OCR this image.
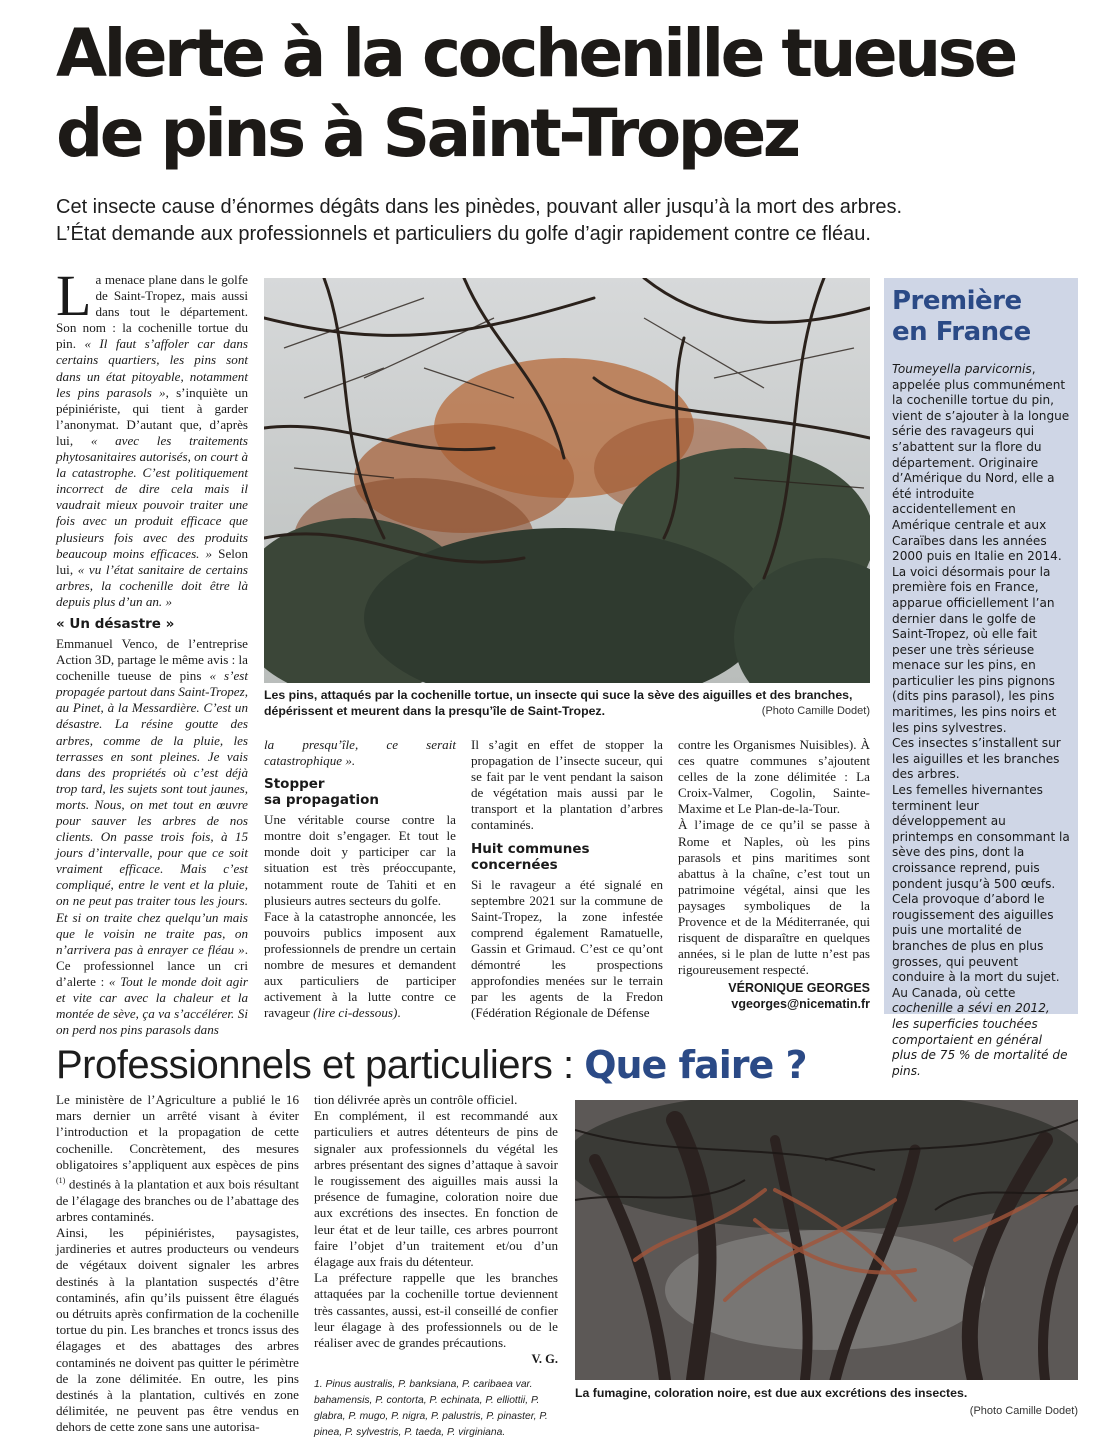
Alerte à la cochenille tueuse
de pins à Saint-Tropez
Cet insecte cause d’énormes dégâts dans les pinèdes, pouvant aller jusqu’à la mort des arbres.
L’État demande aux professionnels et particuliers du golfe d’agir rapidement contre ce fléau.

La menace plane dans le golfe de Saint-Tropez, mais aussi dans tout le département. Son nom : la cochenille tortue du pin. « Il faut s’affoler car dans certains quartiers, les pins sont dans un état pitoyable, notamment les pins parasols », s’inquiète un pépiniériste, qui tient à garder l’anonymat. D’autant que, d’après lui, « avec les traitements phytosanitaires autorisés, on court à la catastrophe. C’est politiquement incorrect de dire cela mais il vaudrait mieux pouvoir traiter une fois avec un produit efficace que plusieurs fois avec des produits beaucoup moins efficaces. » Selon lui, « vu l’état sanitaire de certains arbres, la cochenille doit être là depuis plus d’un an. »

« Un désastre »

Emmanuel Venco, de l’entreprise Action 3D, partage le même avis : la cochenille tueuse de pins « s’est propagée partout dans Saint-Tropez, au Pinet, à la Messardière. C’est un désastre. La résine goutte des arbres, comme de la pluie, les terrasses en sont pleines. Je vais dans des propriétés où c’est déjà trop tard, les sujets sont tout jaunes, morts. Nous, on met tout en œuvre pour sauver les arbres de nos clients. On passe trois fois, à 15 jours d’intervalle, pour que ce soit vraiment efficace. Mais c’est compliqué, entre le vent et la pluie, on ne peut pas traiter tous les jours. Et si on traite chez quelqu’un mais que le voisin ne traite pas, on n’arrivera pas à enrayer ce fléau ». Ce professionnel lance un cri d’alerte : « Tout le monde doit agir et vite car avec la chaleur et la montée de sève, ça va s’accélérer. Si on perd nos pins parasols dans

Les pins, attaqués par la cochenille tortue, un insecte qui suce la sève des aiguilles et des branches, dépérissent et meurent dans la presqu’île de Saint-Tropez.	(Photo Camille Dodet)

la presqu’île, ce serait catastrophique ».

Stopper
sa propagation

Une véritable course contre la montre doit s’engager. Et tout le monde doit y participer car la situation est très préoccupante, notamment route de Tahiti et en plusieurs autres secteurs du golfe.

Face à la catastrophe annoncée, les pouvoirs publics imposent aux professionnels de prendre un certain nombre de mesures et demandent aux particuliers de participer activement à la lutte contre ce ravageur (lire ci-dessous).

Il s’agit en effet de stopper la propagation de l’insecte suceur, qui se fait par le vent pendant la saison de végétation mais aussi par le transport et la plantation d’arbres contaminés.

Huit communes
concernées

Si le ravageur a été signalé en septembre 2021 sur la commune de Saint-Tropez, la zone infestée comprend également Ramatuelle, Gassin et Grimaud. C’est ce qu’ont démontré les prospections approfondies menées sur le terrain par les agents de la Fredon (Fédération Régionale de Défense

contre les Organismes Nuisibles). À ces quatre communes s’ajoutent celles de la zone délimitée : La Croix-Valmer, Cogolin, Sainte-Maxime et Le Plan-de-la-Tour.

À l’image de ce qu’il se passe à Rome et Naples, où les pins parasols et pins maritimes sont abattus à la chaîne, c’est tout un patrimoine végétal, ainsi que les paysages symboliques de la Provence et de la Méditerranée, qui risquent de disparaître en quelques années, si le plan de lutte n’est pas rigoureusement respecté.

VÉRONIQUE GEORGES
vgeorges@nicematin.fr
Première
en France

Toumeyella parvicornis, appelée plus communément la cochenille tortue du pin, vient de s’ajouter à la longue série des ravageurs qui s’abattent sur la flore du département. Originaire d’Amérique du Nord, elle a été introduite accidentellement en Amérique centrale et aux Caraïbes dans les années 2000 puis en Italie en 2014. La voici désormais pour la première fois en France, apparue officiellement l’an dernier dans le golfe de Saint-Tropez, où elle fait peser une très sérieuse menace sur les pins, en particulier les pins pignons (dits pins parasol), les pins maritimes, les pins noirs et les pins sylvestres.

Ces insectes s’installent sur les aiguilles et les branches des arbres.

Les femelles hivernantes terminent leur développement au printemps en consommant la sève des pins, dont la croissance reprend, puis pondent jusqu’à 500 œufs.

Cela provoque d’abord le rougissement des aiguilles puis une mortalité de branches de plus en plus grosses, qui peuvent conduire à la mort du sujet.

Au Canada, où cette cochenille a sévi en 2012, les superficies touchées comportaient en général plus de 75 % de mortalité de pins.

Professionnels et particuliers : Que faire ?

Le ministère de l’Agriculture a publié le 16 mars dernier un arrêté visant à éviter l’introduction et la propagation de cette cochenille. Concrètement, des mesures obligatoires s’appliquent aux espèces de pins $^{(1)}$ destinés à la plantation et aux bois résultant de l’élagage des branches ou de l’abattage des arbres contaminés.

Ainsi, les pépiniéristes, paysagistes, jardineries et autres producteurs ou vendeurs de végétaux doivent signaler les arbres destinés à la plantation suspectés d’être contaminés, afin qu’ils puissent être élagués ou détruits après confirmation de la cochenille tortue du pin. Les branches et troncs issus des élagages et des abattages des arbres contaminés ne doivent pas quitter le périmètre de la zone délimitée. En outre, les pins destinés à la plantation, cultivés en zone délimitée, ne peuvent pas être vendus en dehors de cette zone sans une autorisa-

tion délivrée après un contrôle officiel.

En complément, il est recommandé aux particuliers et autres détenteurs de pins de signaler aux professionnels du végétal les arbres présentant des signes d’attaque à savoir le rougissement des aiguilles mais aussi la présence de fumagine, coloration noire due aux excrétions des insectes. En fonction de leur état et de leur taille, ces arbres pourront faire l’objet d’un traitement et/ou d’un élagage aux frais du détenteur.

La préfecture rappelle que les branches attaquées par la cochenille tortue deviennent très cassantes, aussi, est-il conseillé de confier leur élagage à des professionnels ou de le réaliser avec de grandes précautions.

V. G.
1. Pinus australis, P. banksiana, P. caribaea var. bahamensis, P. contorta, P. echinata, P. elliottii, P. glabra, P. mugo, P. nigra, P. palustris, P. pinaster, P. pinea, P. sylvestris, P. taeda, P. virginiana.
La fumagine, coloration noire, est due aux excrétions des insectes.
(Photo Camille Dodet)
